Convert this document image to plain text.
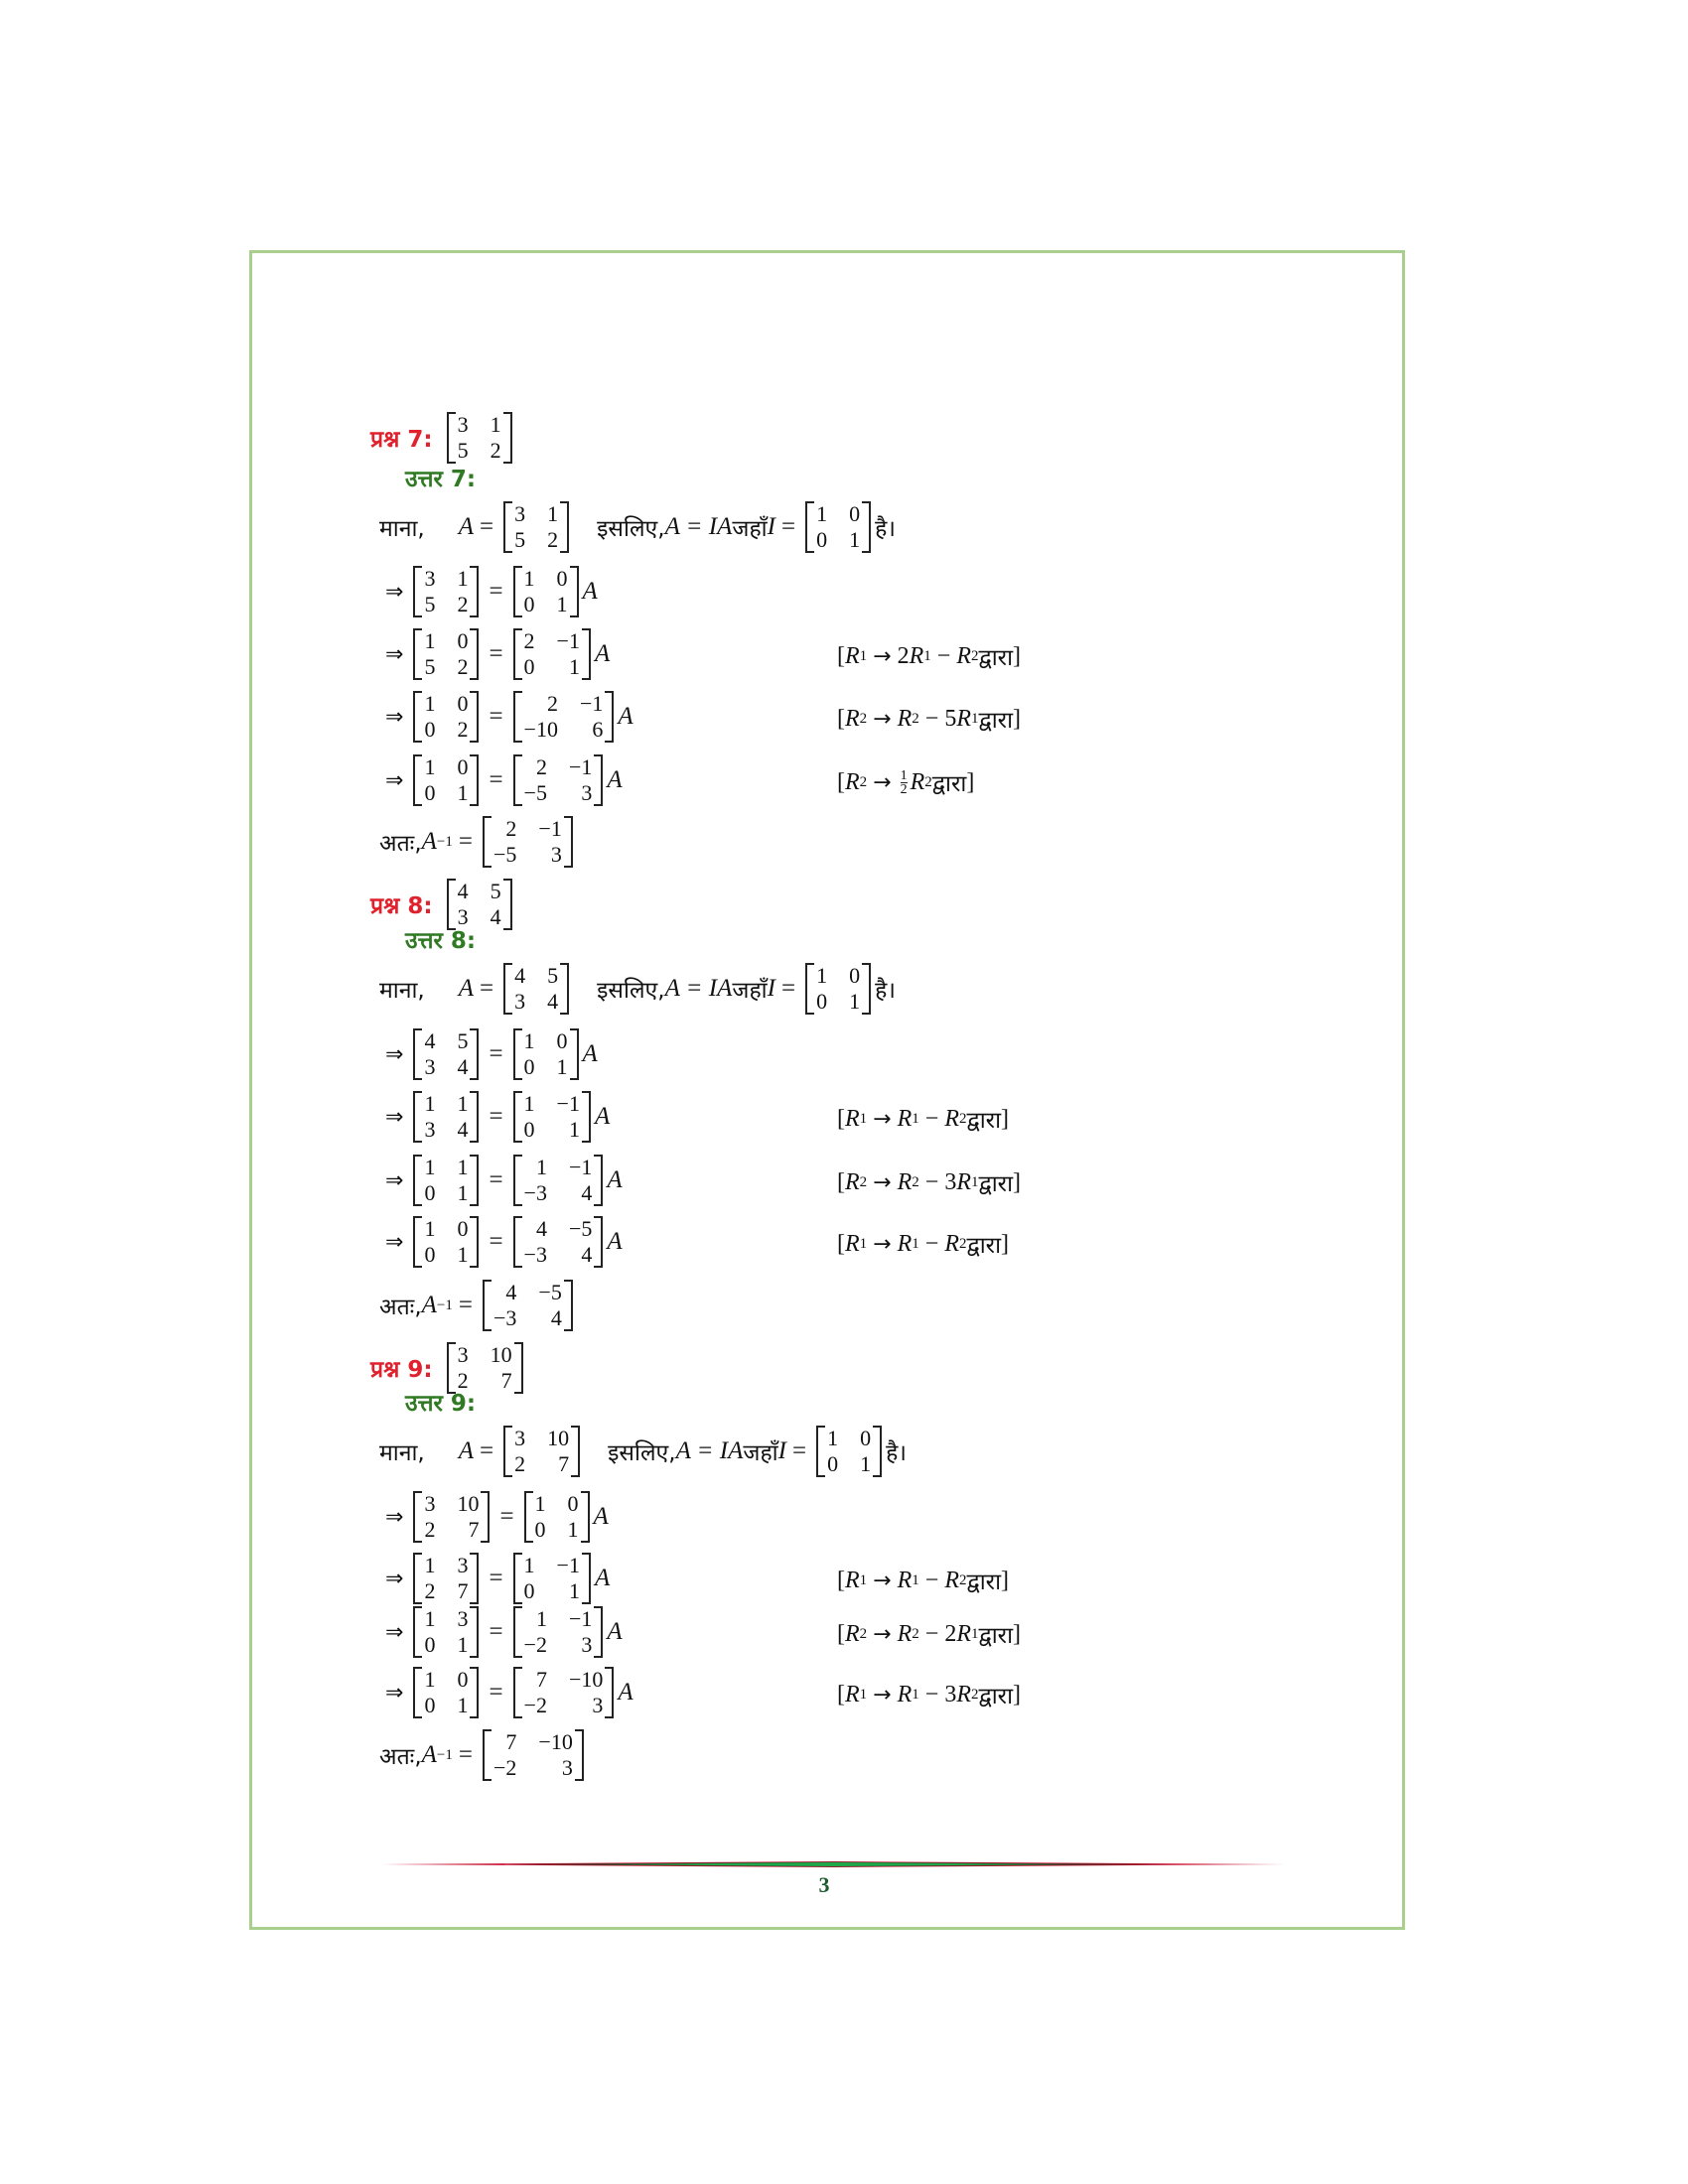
प्रश्न 7:
3 1
5 2
उत्तर 7:
माना, A = 3 1
5 2 इसलिए, A = IA जहाँ I = 1 0
0 1 है।
⇒
3 1
5 2 = 1 0
0 1 A
⇒
1 0
5 2 = 2 −1
0	1 A	[ R 1 → 2 R 1 − R 2 द्वारा ]
⇒
1 0
0 2 =	2 −1
−10	6 A	[ R 2 → R 2 − 5 R 1 द्वारा ]
⇒
1 0
0 1 =	2 −1
−5	3 A	[ R $2 \to \frac{1}{2}$ R 2 द्वारा ]
अतः, A −1 =	2 −1
−5	3
प्रश्न 8:
4 5
3 4
उत्तर 8:
माना, A = 4 5
3 4 इसलिए, A = IA जहाँ I = 1 0
0 1 है।
⇒
4 5
3 4 = 1 0
0 1 A
⇒
1 1
3 4 = 1 −1
0	1 A	[ R 1 → R 1 − R 2 द्वारा ]
⇒
1 1
0 1 =	1 −1
−3	4 A	[ R 2 → R 2 − 3 R 1 द्वारा ]
⇒
1 0
0 1 =	4 −5
−3	4 A	[ R 1 → R 1 − R 2 द्वारा ]
अतः, A −1 =	4 −5
−3	4
प्रश्न 9:
3 10
2	7
उत्तर 9:
माना, A = 3 10
2	7 इसलिए, A = IA जहाँ I = 1 0
0 1 है।
⇒
3 10
2	7 = 1 0
0 1 A
⇒
1 3
2 7 = 1 −1
0	1 A	[ R 1 → R 1 − R 2 द्वारा ]
⇒
1 3
0 1 =	1 −1
−2	3 A	[ R 2 → R 2 − 2 R 1 द्वारा ]
⇒
1 0
0 1 =	7 −10
−2	3 A	[ R 1 → R 1 − 3 R 2 द्वारा ]
अतः, A −1 =	7 −10
−2	3
3
